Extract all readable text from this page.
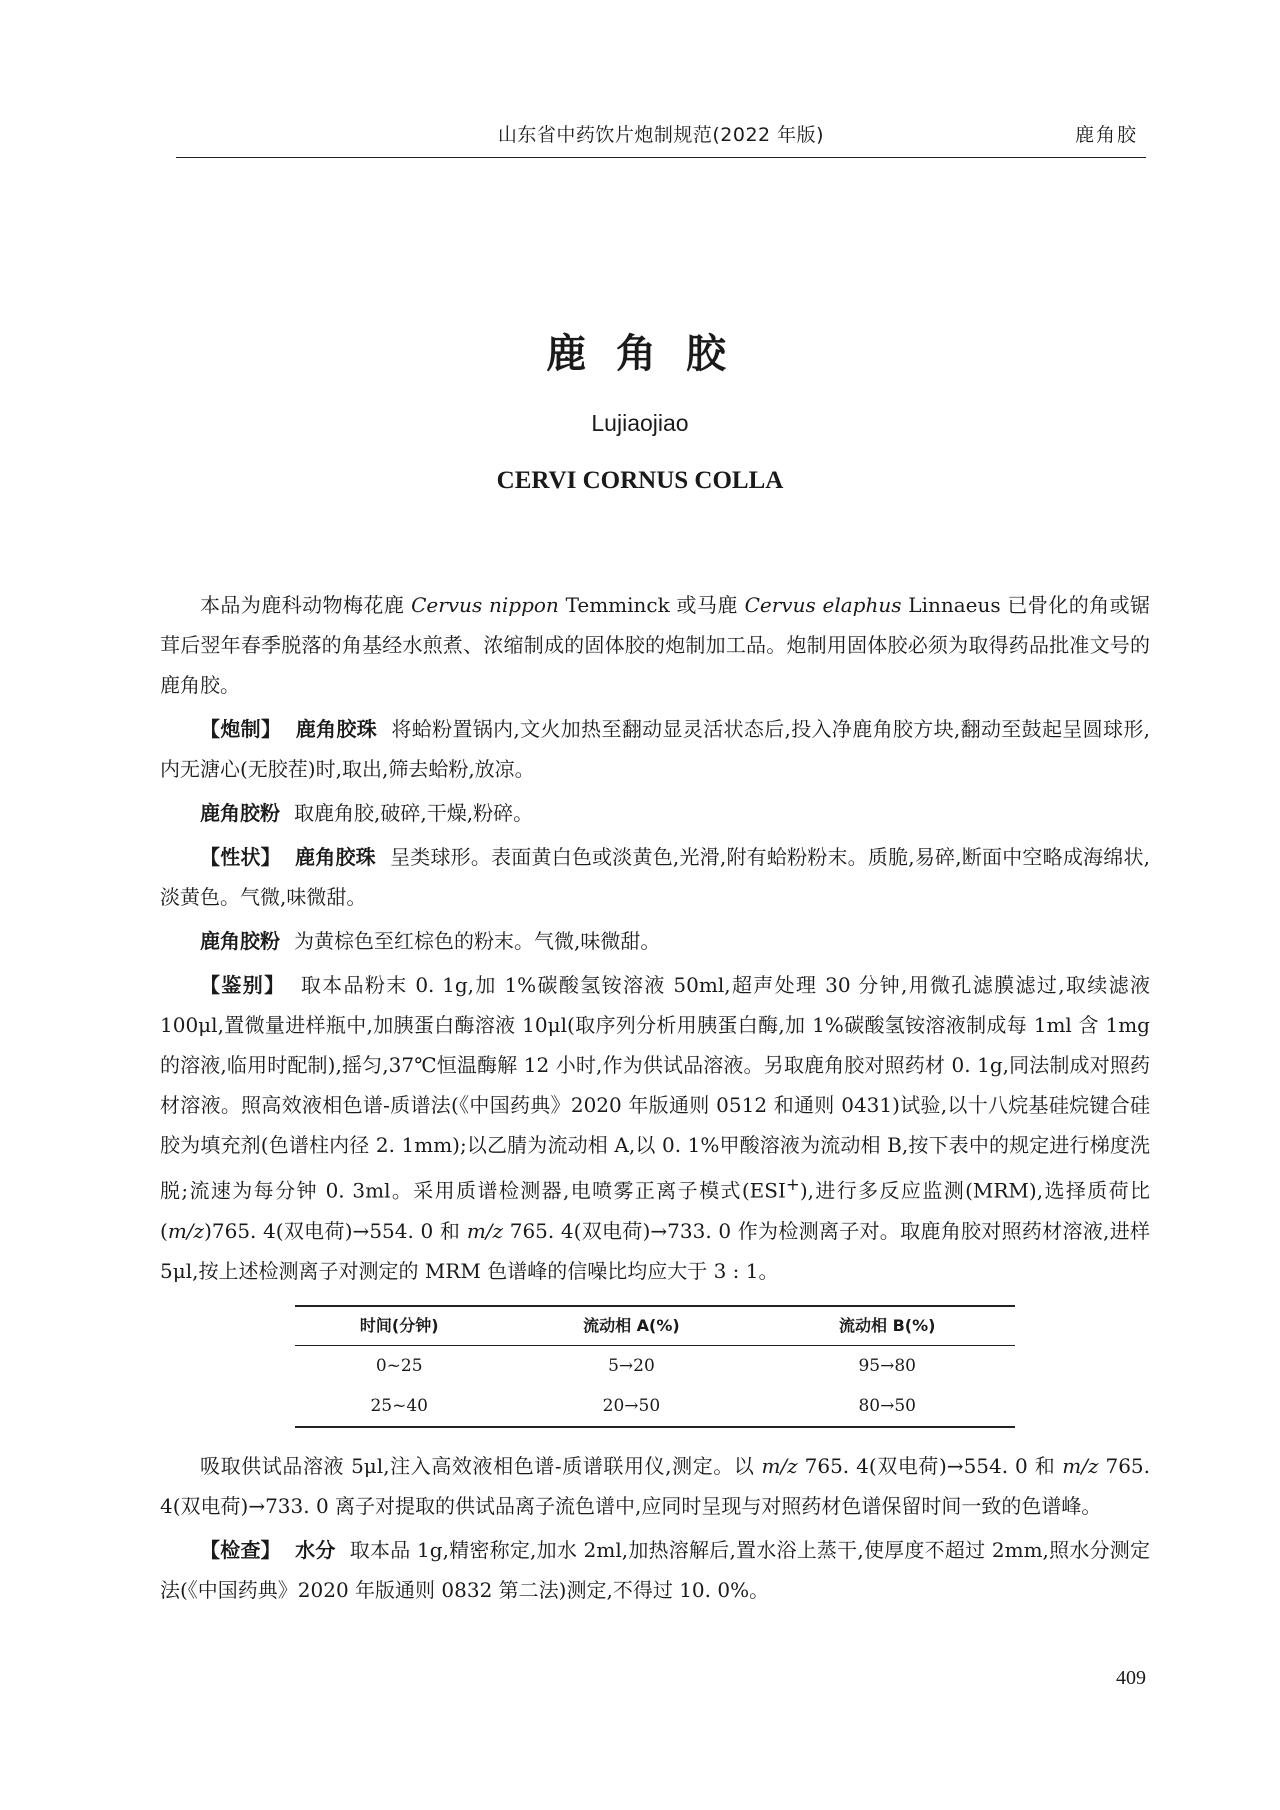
山东省中药饮片炮制规范(2022 年版)	鹿角胶
鹿 角 胶
Lujiaojiao
CERVI CORNUS COLLA

本品为鹿科动物梅花鹿 Cervus nippon Temminck 或马鹿 Cervus elaphus Linnaeus 已骨化的角或锯茸后翌年春季脱落的角基经水煎煮、浓缩制成的固体胶的炮制加工品。炮制用固体胶必须为取得药品批准文号的鹿角胶。

【炮制】 鹿角胶珠 将蛤粉置锅内,文火加热至翻动显灵活状态后,投入净鹿角胶方块,翻动至鼓起呈圆球形,内无溏心(无胶茬)时,取出,筛去蛤粉,放凉。

鹿角胶粉 取鹿角胶,破碎,干燥,粉碎。

【性状】 鹿角胶珠 呈类球形。表面黄白色或淡黄色,光滑,附有蛤粉粉末。质脆,易碎,断面中空略成海绵状,淡黄色。气微,味微甜。

鹿角胶粉 为黄棕色至红棕色的粉末。气微,味微甜。

【鉴别】 取本品粉末 0. 1g,加 1%碳酸氢铵溶液 50ml,超声处理 30 分钟,用微孔滤膜滤过,取续滤液 100μl,置微量进样瓶中,加胰蛋白酶溶液 10μl(取序列分析用胰蛋白酶,加 1%碳酸氢铵溶液制成每 1ml 含 1mg 的溶液,临用时配制),摇匀,37℃恒温酶解 12 小时,作为供试品溶液。另取鹿角胶对照药材 0. 1g,同法制成对照药材溶液。照高效液相色谱-质谱法(《中国药典》2020 年版通则 0512 和通则 0431)试验,以十八烷基硅烷键合硅胶为填充剂(色谱柱内径 2. 1mm);以乙腈为流动相 A,以 0. 1%甲酸溶液为流动相 B,按下表中的规定进行梯度洗脱;流速为每分钟 0. 3ml。采用质谱检测器,电喷雾正离子模式(ESI+),进行多反应监测(MRM),选择质荷比(m/z)765. 4(双电荷)→554. 0 和 m/z 765. 4(双电荷)→733. 0 作为检测离子对。取鹿角胶对照药材溶液,进样 5μl,按上述检测离子对测定的 MRM 色谱峰的信噪比均应大于 3 : 1。

时间(分钟)	流动相 A(%)	流动相 B(%)
0~25	5→20	95→80
25~40	20→50	80→50

吸取供试品溶液 5μl,注入高效液相色谱-质谱联用仪,测定。以 m/z 765. 4(双电荷)→554. 0 和 m/z 765. 4(双电荷)→733. 0 离子对提取的供试品离子流色谱中,应同时呈现与对照药材色谱保留时间一致的色谱峰。

【检查】 水分 取本品 1g,精密称定,加水 2ml,加热溶解后,置水浴上蒸干,使厚度不超过 2mm,照水分测定法(《中国药典》2020 年版通则 0832 第二法)测定,不得过 10. 0%。

409
